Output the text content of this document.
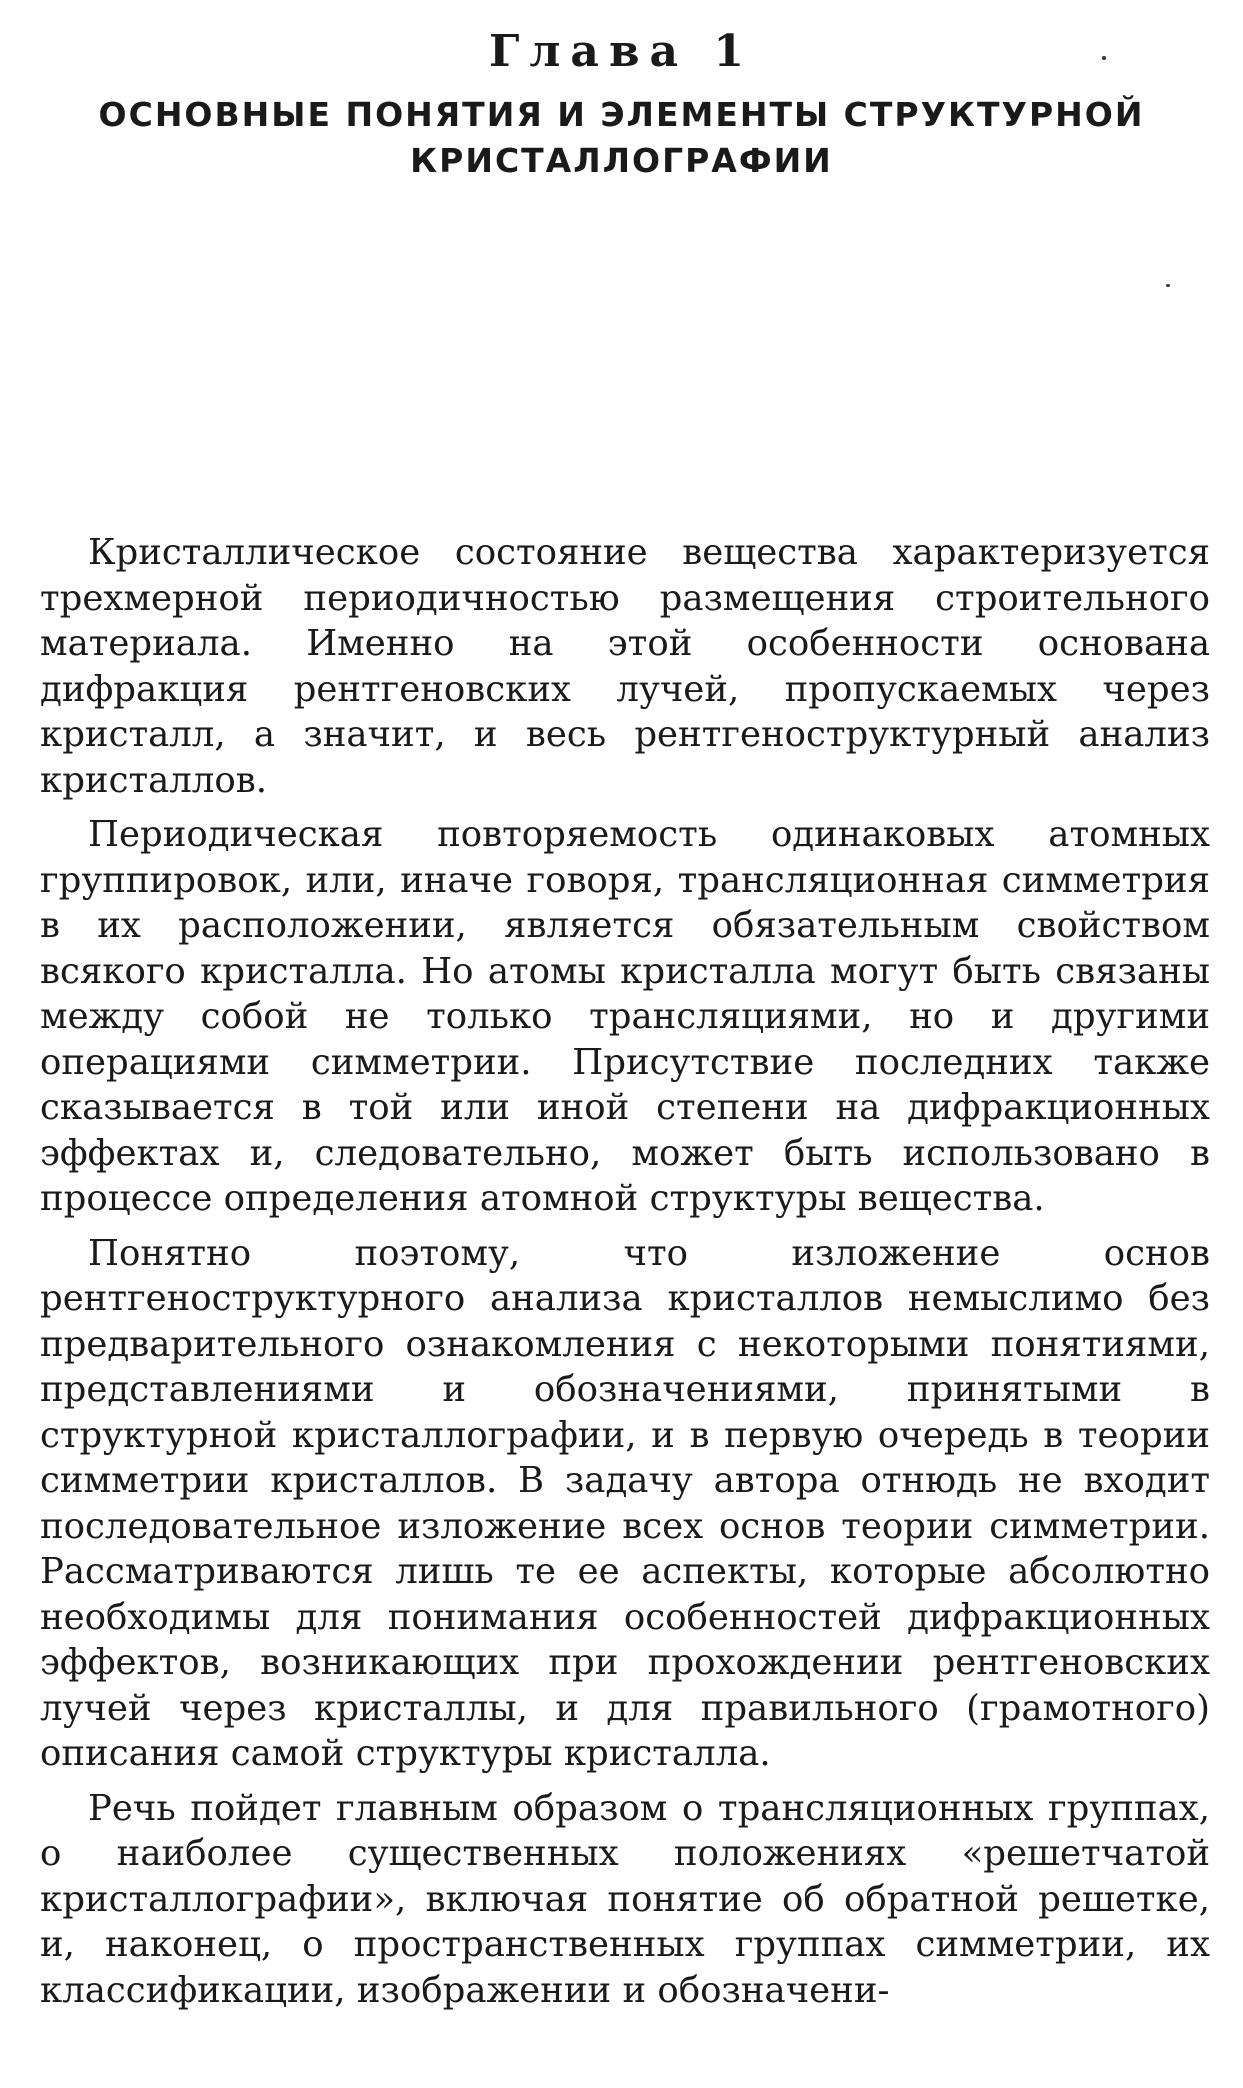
Глава 1
ОСНОВНЫЕ ПОНЯТИЯ И ЭЛЕМЕНТЫ СТРУКТУРНОЙ КРИСТАЛЛОГРАФИИ

Кристаллическое состояние вещества характеризуется трехмерной периодичностью размещения строительного материала. Именно на этой особенности основана дифракция рентгеновских лучей, пропускаемых через кристалл, а значит, и весь рентгеноструктурный анализ кристаллов.

Периодическая повторяемость одинаковых атомных группировок, или, иначе говоря, трансляционная симметрия в их расположении, является обязательным свойством всякого кристалла. Но атомы кристалла могут быть связаны между собой не только трансляциями, но и другими операциями симметрии. Присутствие последних также сказывается в той или иной степени на дифракционных эффектах и, следовательно, может быть использовано в процессе определения атомной структуры вещества.

Понятно поэтому, что изложение основ рентгеноструктурного анализа кристаллов немыслимо без предварительного ознакомления с некоторыми понятиями, представлениями и обозначениями, принятыми в структурной кристаллографии, и в первую очередь в теории симметрии кристаллов. В задачу автора отнюдь не входит последовательное изложение всех основ теории симметрии. Рассматриваются лишь те ее аспекты, которые абсолютно необходимы для понимания особенностей дифракционных эффектов, возникающих при прохождении рентгеновских лучей через кристаллы, и для правильного (грамотного) описания самой структуры кристалла.

Речь пойдет главным образом о трансляционных группах, о наиболее существенных положениях «решетчатой кристаллографии», включая понятие об обратной решетке, и, наконец, о пространственных группах симметрии, их классификации, изображении и обозначени-
